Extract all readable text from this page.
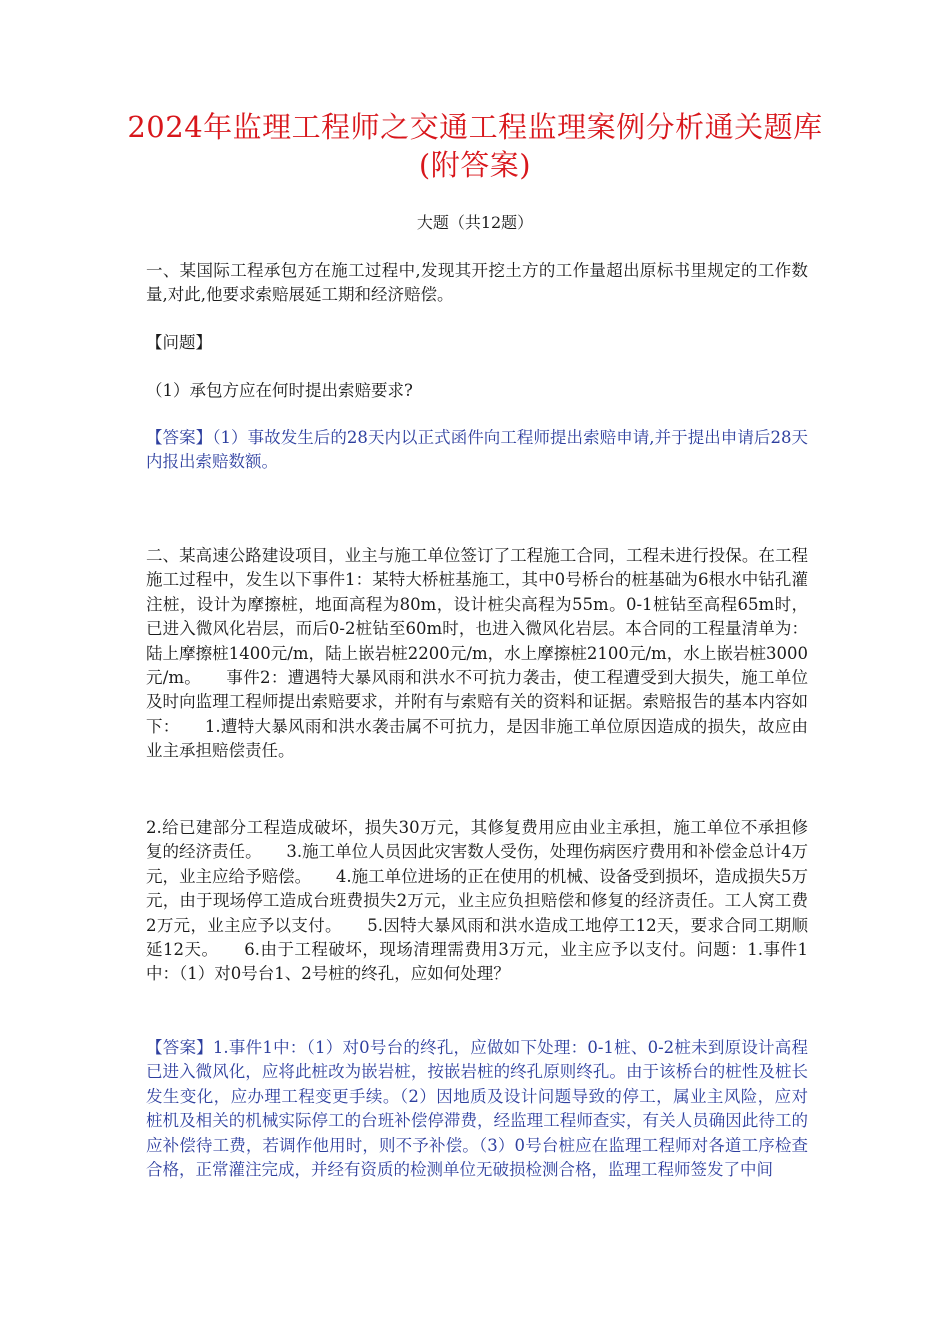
2024年监理工程师之交通工程监理案例分析通关题库(附答案)
大题（共12题）

一、某国际工程承包方在施工过程中,发现其开挖土方的工作量超出原标书里规定的工作数量,对此,他要求索赔展延工期和经济赔偿。

【问题】

（1）承包方应在何时提出索赔要求?

【答案】（1）事故发生后的28天内以正式函件向工程师提出索赔申请,并于提出申请后28天内报出索赔数额。

二、某高速公路建设项目，业主与施工单位签订了工程施工合同，工程未进行投保。在工程施工过程中，发生以下事件1：某特大桥桩基施工，其中0号桥台的桩基础为6根水中钻孔灌注桩，设计为摩擦桩，地面高程为80m，设计桩尖高程为55m。0-1桩钻至高程65m时，已进入微风化岩层，而后0-2桩钻至60m时，也进入微风化岩层。本合同的工程量清单为：陆上摩擦桩1400元/m，陆上嵌岩桩2200元/m，水上摩擦桩2100元/m，水上嵌岩桩3000元/m。　　事件2：遭遇特大暴风雨和洪水不可抗力袭击，使工程遭受到大损失，施工单位及时向监理工程师提出索赔要求，并附有与索赔有关的资料和证据。索赔报告的基本内容如下：　　1.遭特大暴风雨和洪水袭击属不可抗力，是因非施工单位原因造成的损失，故应由业主承担赔偿责任。

2.给已建部分工程造成破坏，损失30万元，其修复费用应由业主承担，施工单位不承担修复的经济责任。　　3.施工单位人员因此灾害数人受伤，处理伤病医疗费用和补偿金总计4万元，业主应给予赔偿。　　4.施工单位进场的正在使用的机械、设备受到损坏，造成损失5万元，由于现场停工造成台班费损失2万元，业主应负担赔偿和修复的经济责任。工人窝工费2万元，业主应予以支付。　　5.因特大暴风雨和洪水造成工地停工12天，要求合同工期顺延12天。　　6.由于工程破坏，现场清理需费用3万元，业主应予以支付。问题：1.事件1中：（1）对0号台1、2号桩的终孔，应如何处理？

【答案】1.事件1中：（1）对0号台的终孔，应做如下处理：0-1桩、0-2桩未到原设计高程已进入微风化，应将此桩改为嵌岩桩，按嵌岩桩的终孔原则终孔。由于该桥台的桩性及桩长发生变化，应办理工程变更手续。（2）因地质及设计问题导致的停工，属业主风险，应对桩机及相关的机械实际停工的台班补偿停滞费，经监理工程师查实，有关人员确因此待工的应补偿待工费，若调作他用时，则不予补偿。（3）0号台桩应在监理工程师对各道工序检查合格，正常灌注完成，并经有资质的检测单位无破损检测合格，监理工程师签发了中间
